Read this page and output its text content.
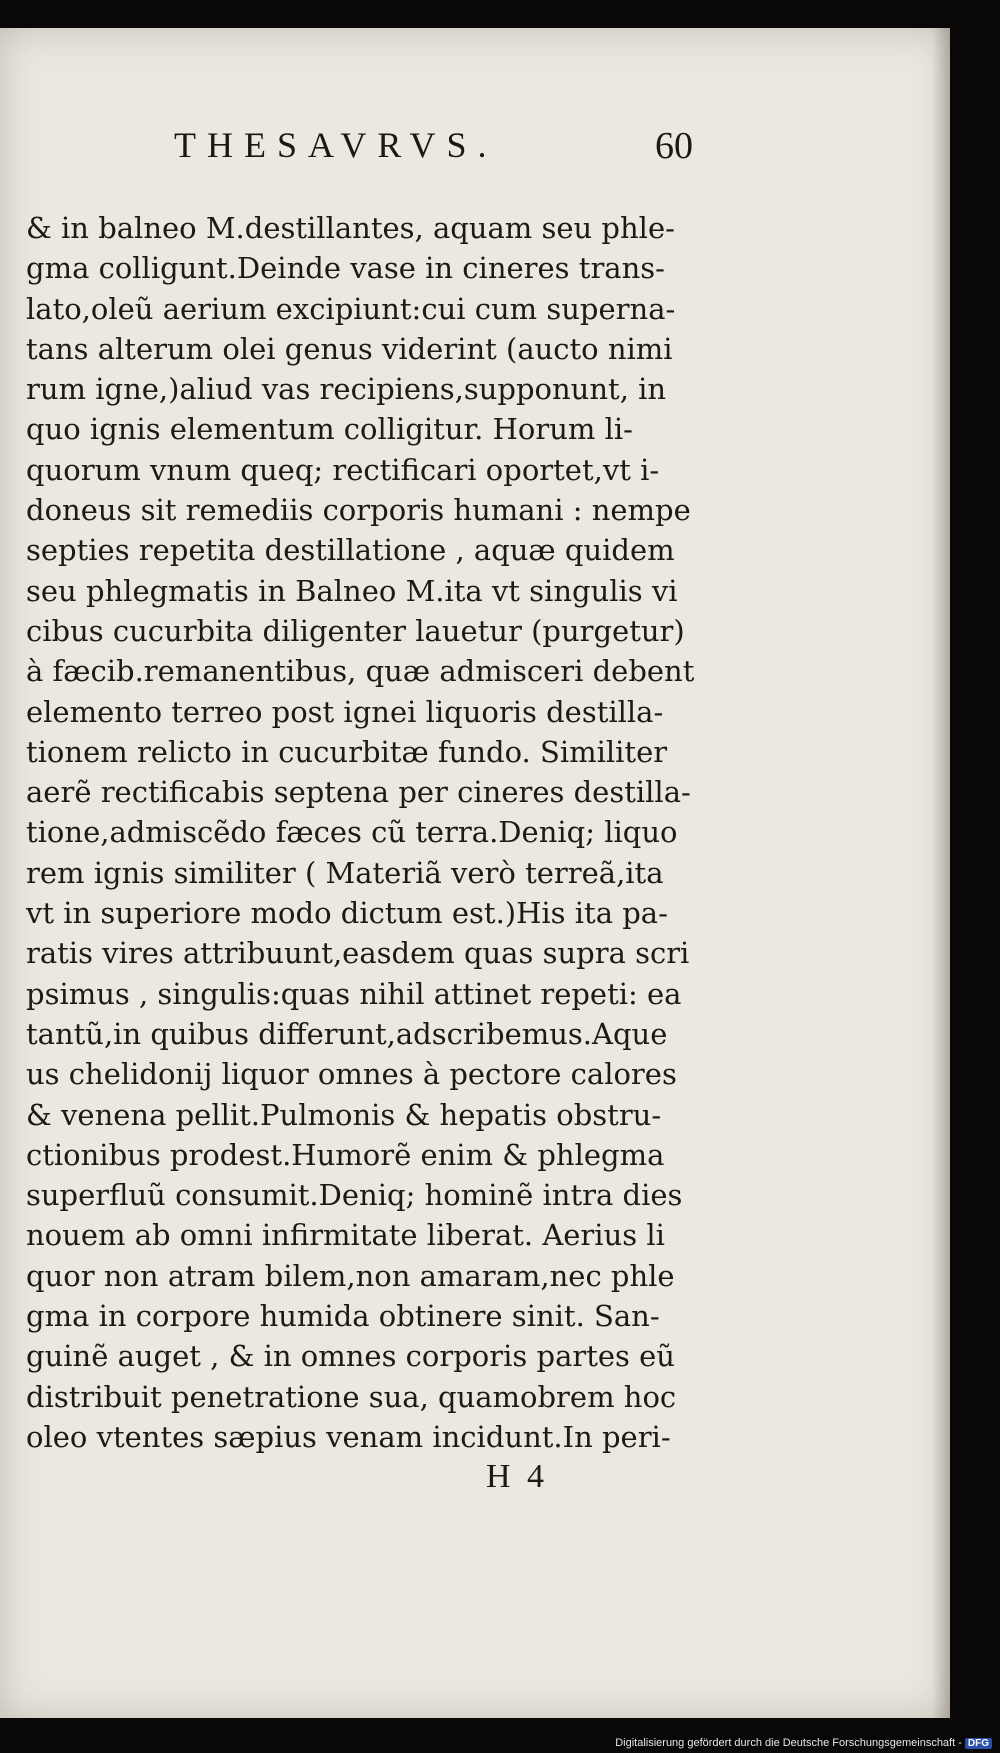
THESAVRVS.	60
& in balneo M.destillantes, aquam seu phle-
gma colligunt.Deinde vase in cineres trans-
lato,oleũ aerium excipiunt:cui cum superna-
tans alterum olei genus viderint (aucto nimi
rum igne,)aliud vas recipiens,supponunt, in
quo ignis elementum colligitur. Horum li-
quorum vnum queq; rectificari oportet,vt i-
doneus sit remediis corporis humani : nempe
septies repetita destillatione , aquæ quidem
seu phlegmatis in Balneo M.ita vt singulis vi
cibus cucurbita diligenter lauetur (purgetur)
à fæcib.remanentibus, quæ admisceri debent
elemento terreo post ignei liquoris destilla-
tionem relicto in cucurbitæ fundo. Similiter
aerẽ rectificabis septena per cineres destilla-
tione,admiscẽdo fæces cũ terra.Deniq; liquo
rem ignis similiter ( Materiã verò terreã,ita
vt in superiore modo dictum est.)His ita pa-
ratis vires attribuunt,easdem quas supra scri
psimus , singulis:quas nihil attinet repeti: ea
tantũ,in quibus differunt,adscribemus.Aque
us chelidonij liquor omnes à pectore calores
& venena pellit.Pulmonis & hepatis obstru-
ctionibus prodest.Humorẽ enim & phlegma
superfluũ consumit.Deniq; hominẽ intra dies
nouem ab omni infirmitate liberat. Aerius li
quor non atram bilem,non amaram,nec phle
gma in corpore humida obtinere sinit. San-
guinẽ auget , & in omnes corporis partes eũ
distribuit penetratione sua, quamobrem hoc
oleo vtentes sæpius venam incidunt.In peri-
H 4
Digitalisierung gefördert durch die Deutsche Forschungsgemeinschaft - DFG
